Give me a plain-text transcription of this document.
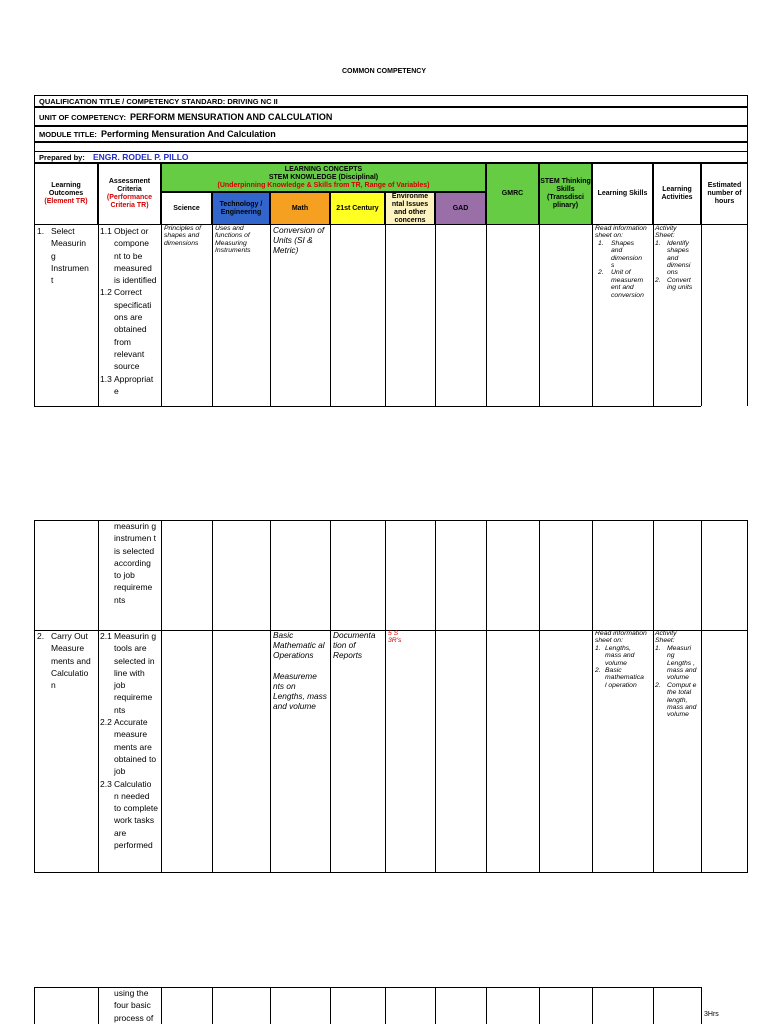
COMMON COMPETENCY
QUALIFICATION TITLE / COMPETENCY STANDARD: DRIVING NC II
UNIT OF COMPETENCY: PERFORM MENSURATION AND CALCULATION
MODULE TITLE: Performing Mensuration And Calculation
Prepared by: ENGR. RODEL P. PILLO
Learning Outcomes
(Element TR)
Assessment Criteria
(Performance Criteria TR)
LEARNING CONCEPTS
STEM KNOWLEDGE (Disciplinal)
(Underpinning Knowledge & Skills from TR, Range of Variables)
Science
Technology / Engineering
Math	21st Century
Environme ntal Issues and other concerns
GAD
GMRC
STEM Thinking Skills (Transdisci plinary)
Learning Skills
Learning Activities
Estimated number of hours
1. Select Measurin g Instrumen t
1.1 Object or compone nt to be measured is identified
1.2 Correct specificati ons are obtained from relevant source
1.3 Appropriat e
Principles of shapes and dimensions
Uses and functions of Measuring Instruments
Conversion of Units (SI & Metric)
Read information sheet on:
1. Shapes and dimension s
2. Unit of measurem ent and conversion
Activity Sheet:
1. Identify shapes and dimensi ons
2. Convert ing units
measurin g instrumen t is selected according to job requireme nts
2. Carry Out Measure ments and Calculatio n
2.1 Measurin g tools are selected in line with job requireme nts
2.2 Accurate measure ments are obtained to job
2.3 Calculatio n needed to complete work tasks are performed
Basic Mathematic al Operations
Measureme nts on Lengths, mass and volume
Documenta tion of Reports
5 S 3R's
Read information sheet on:
1. Lengths, mass and volume
2. Basic mathematica l operation
Activity Sheet:
1. Measuri ng Lengths , mass and volume
2. Comput e the total length, mass and volume
using the four basic process of	3Hrs
